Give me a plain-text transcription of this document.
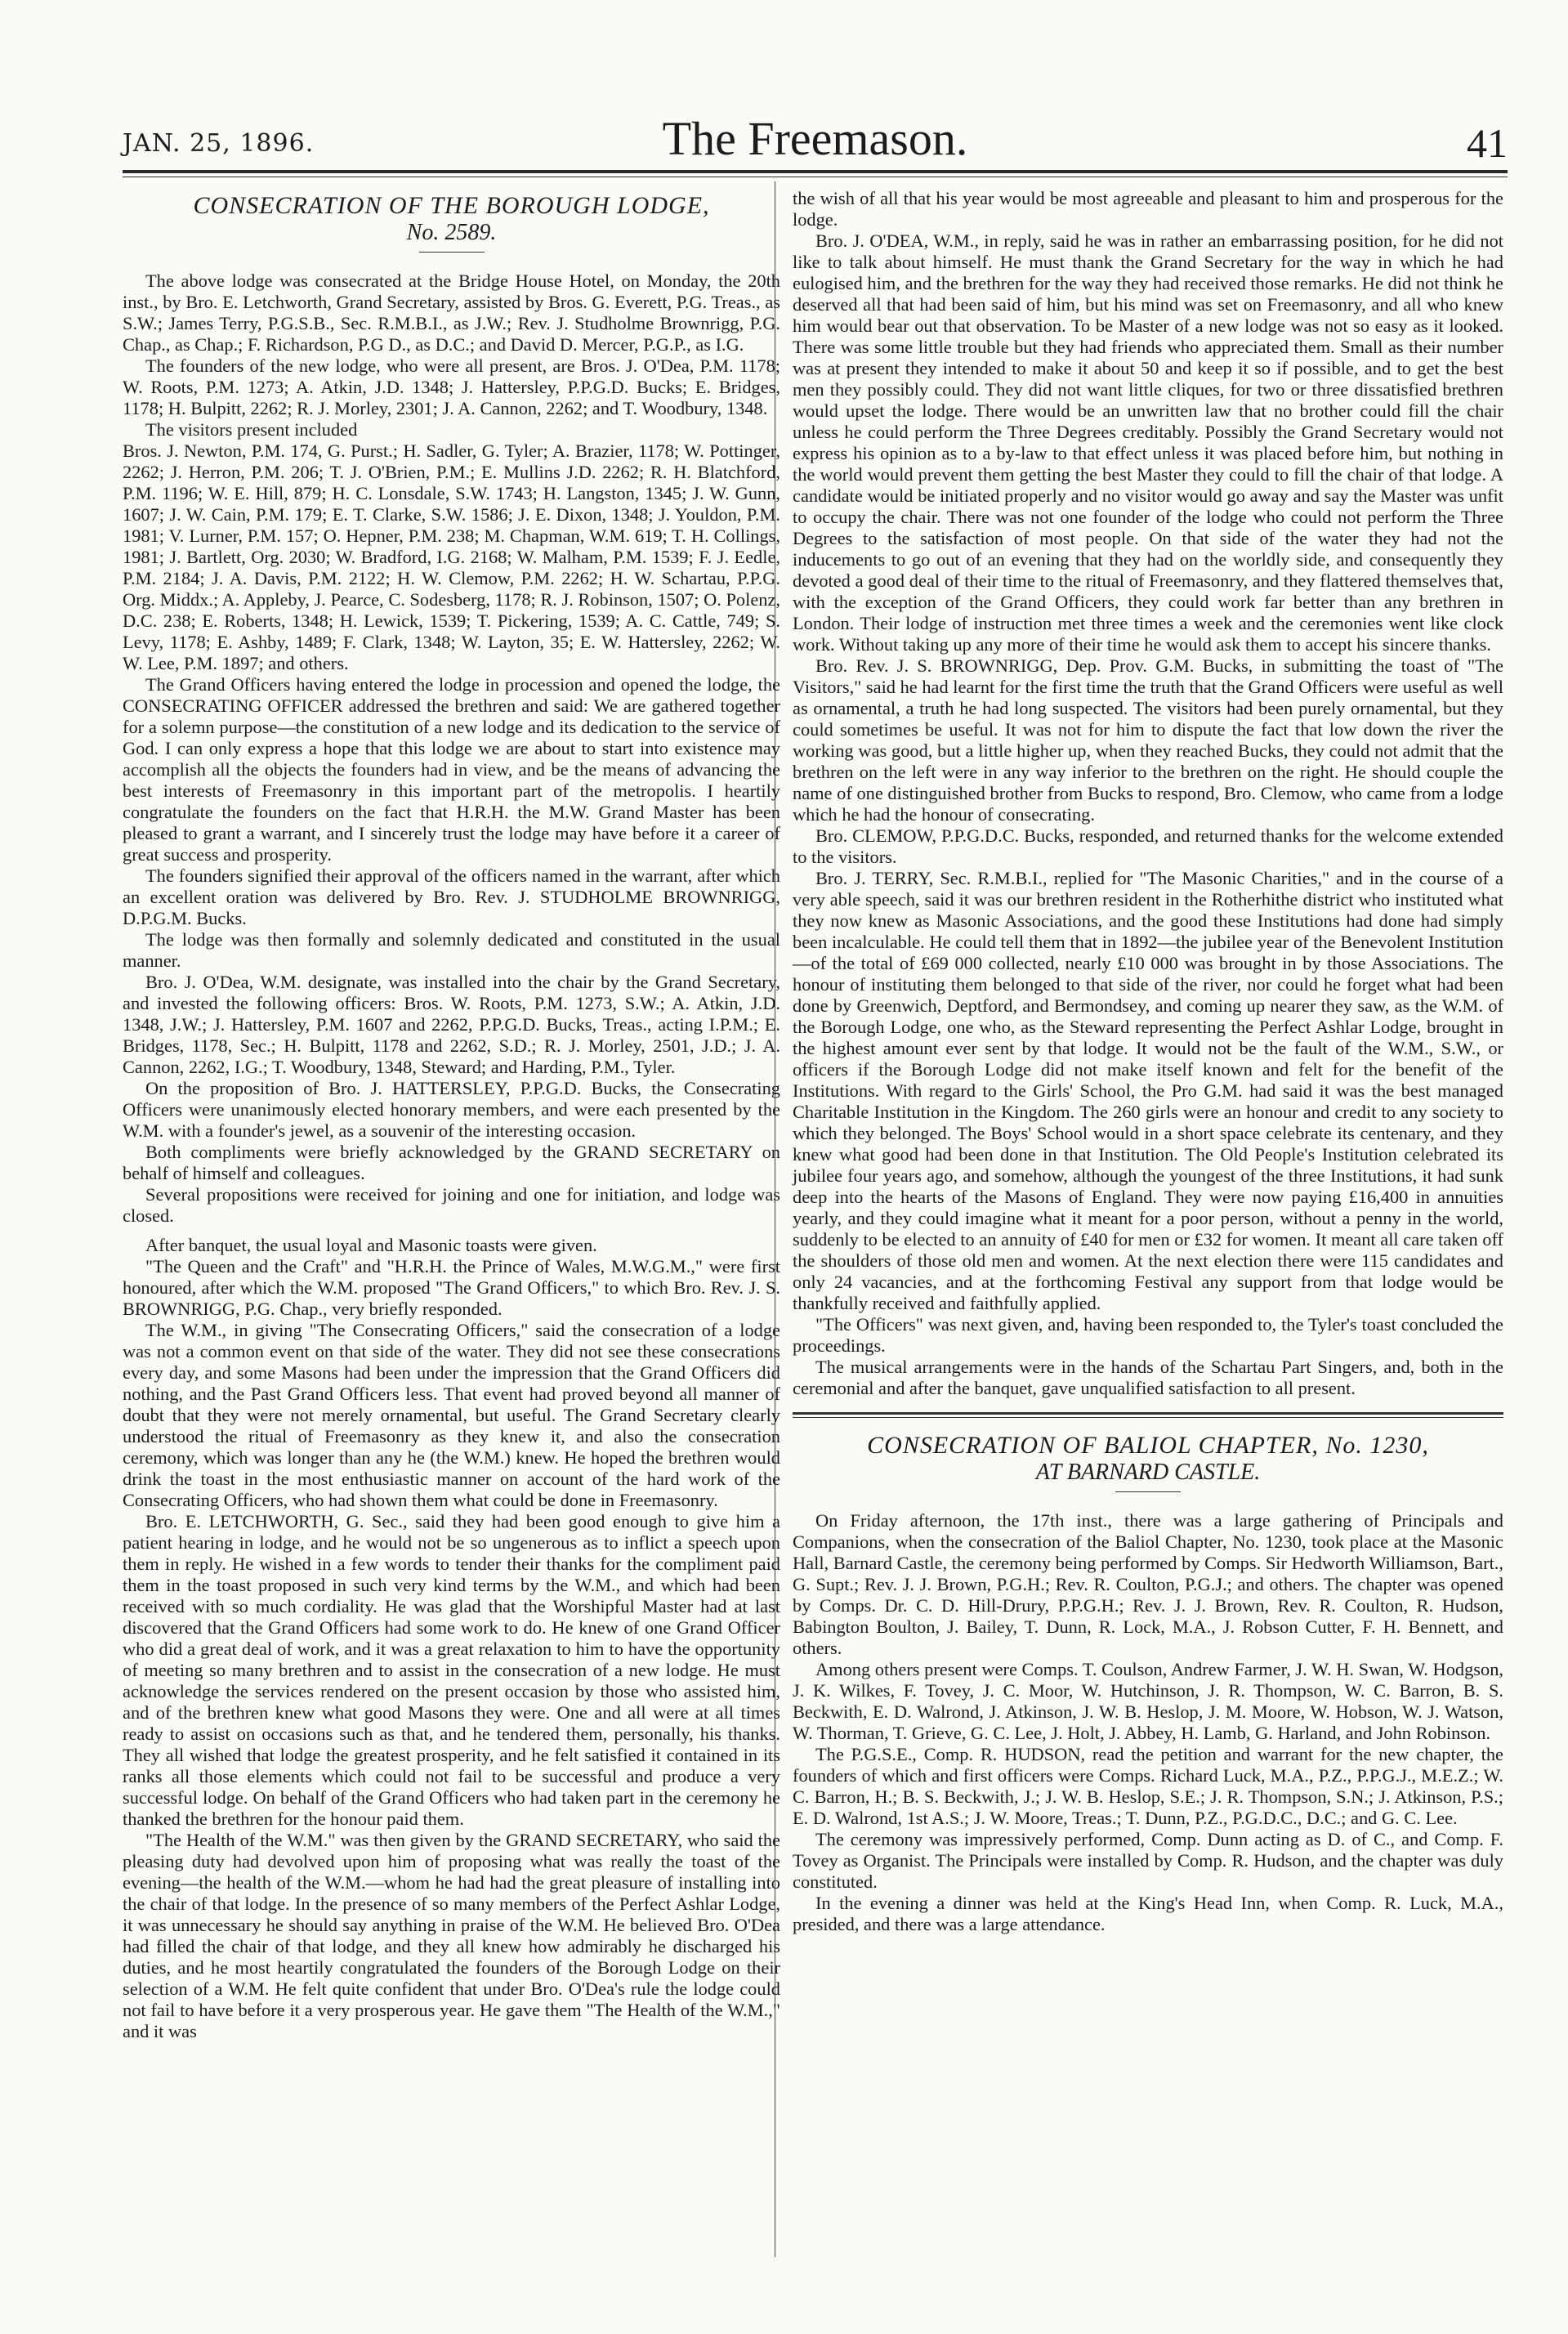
JAN. 25, 1896.	The Freemason.	41
CONSECRATION OF THE BOROUGH LODGE,
No. 2589.

The above lodge was consecrated at the Bridge House Hotel, on Monday, the 20th inst., by Bro. E. Letchworth, Grand Secretary, assisted by Bros. G. Everett, P.G. Treas., as S.W.; James Terry, P.G.S.B., Sec. R.M.B.I., as J.W.; Rev. J. Studholme Brownrigg, P.G. Chap., as Chap.; F. Richardson, P.G D., as D.C.; and David D. Mercer, P.G.P., as I.G.

The founders of the new lodge, who were all present, are Bros. J. O'Dea, P.M. 1178; W. Roots, P.M. 1273; A. Atkin, J.D. 1348; J. Hattersley, P.P.G.D. Bucks; E. Bridges, 1178; H. Bulpitt, 2262; R. J. Morley, 2301; J. A. Cannon, 2262; and T. Woodbury, 1348.

The visitors present included

Bros. J. Newton, P.M. 174, G. Purst.; H. Sadler, G. Tyler; A. Brazier, 1178; W. Pottinger, 2262; J. Herron, P.M. 206; T. J. O'Brien, P.M.; E. Mullins J.D. 2262; R. H. Blatchford, P.M. 1196; W. E. Hill, 879; H. C. Lonsdale, S.W. 1743; H. Langston, 1345; J. W. Gunn, 1607; J. W. Cain, P.M. 179; E. T. Clarke, S.W. 1586; J. E. Dixon, 1348; J. Youldon, P.M. 1981; V. Lurner, P.M. 157; O. Hepner, P.M. 238; M. Chapman, W.M. 619; T. H. Collings, 1981; J. Bartlett, Org. 2030; W. Bradford, I.G. 2168; W. Malham, P.M. 1539; F. J. Eedle, P.M. 2184; J. A. Davis, P.M. 2122; H. W. Clemow, P.M. 2262; H. W. Schartau, P.P.G. Org. Middx.; A. Appleby, J. Pearce, C. Sodesberg, 1178; R. J. Robinson, 1507; O. Polenz, D.C. 238; E. Roberts, 1348; H. Lewick, 1539; T. Pickering, 1539; A. C. Cattle, 749; S. Levy, 1178; E. Ashby, 1489; F. Clark, 1348; W. Layton, 35; E. W. Hattersley, 2262; W. W. Lee, P.M. 1897; and others.

The Grand Officers having entered the lodge in procession and opened the lodge, the CONSECRATING OFFICER addressed the brethren and said: We are gathered together for a solemn purpose—the constitution of a new lodge and its dedication to the service of God. I can only express a hope that this lodge we are about to start into existence may accomplish all the objects the founders had in view, and be the means of advancing the best interests of Freemasonry in this important part of the metropolis. I heartily congratulate the founders on the fact that H.R.H. the M.W. Grand Master has been pleased to grant a warrant, and I sincerely trust the lodge may have before it a career of great success and prosperity.

The founders signified their approval of the officers named in the warrant, after which an excellent oration was delivered by Bro. Rev. J. STUDHOLME BROWNRIGG, D.P.G.M. Bucks.

The lodge was then formally and solemnly dedicated and constituted in the usual manner.

Bro. J. O'Dea, W.M. designate, was installed into the chair by the Grand Secretary, and invested the following officers: Bros. W. Roots, P.M. 1273, S.W.; A. Atkin, J.D. 1348, J.W.; J. Hattersley, P.M. 1607 and 2262, P.P.G.D. Bucks, Treas., acting I.P.M.; E. Bridges, 1178, Sec.; H. Bulpitt, 1178 and 2262, S.D.; R. J. Morley, 2501, J.D.; J. A. Cannon, 2262, I.G.; T. Woodbury, 1348, Steward; and Harding, P.M., Tyler.

On the proposition of Bro. J. HATTERSLEY, P.P.G.D. Bucks, the Consecrating Officers were unanimously elected honorary members, and were each presented by the W.M. with a founder's jewel, as a souvenir of the interesting occasion.

Both compliments were briefly acknowledged by the GRAND SECRETARY on behalf of himself and colleagues.

Several propositions were received for joining and one for initiation, and lodge was closed.

After banquet, the usual loyal and Masonic toasts were given.

"The Queen and the Craft" and "H.R.H. the Prince of Wales, M.W.G.M.," were first honoured, after which the W.M. proposed "The Grand Officers," to which Bro. Rev. J. S. BROWNRIGG, P.G. Chap., very briefly responded.

The W.M., in giving "The Consecrating Officers," said the consecration of a lodge was not a common event on that side of the water. They did not see these consecrations every day, and some Masons had been under the impression that the Grand Officers did nothing, and the Past Grand Officers less. That event had proved beyond all manner of doubt that they were not merely ornamental, but useful. The Grand Secretary clearly understood the ritual of Freemasonry as they knew it, and also the consecration ceremony, which was longer than any he (the W.M.) knew. He hoped the brethren would drink the toast in the most enthusiastic manner on account of the hard work of the Consecrating Officers, who had shown them what could be done in Freemasonry.

Bro. E. LETCHWORTH, G. Sec., said they had been good enough to give him a patient hearing in lodge, and he would not be so ungenerous as to inflict a speech upon them in reply. He wished in a few words to tender their thanks for the compliment paid them in the toast proposed in such very kind terms by the W.M., and which had been received with so much cordiality. He was glad that the Worshipful Master had at last discovered that the Grand Officers had some work to do. He knew of one Grand Officer who did a great deal of work, and it was a great relaxation to him to have the opportunity of meeting so many brethren and to assist in the consecration of a new lodge. He must acknowledge the services rendered on the present occasion by those who assisted him, and of the brethren knew what good Masons they were. One and all were at all times ready to assist on occasions such as that, and he tendered them, personally, his thanks. They all wished that lodge the greatest prosperity, and he felt satisfied it contained in its ranks all those elements which could not fail to be successful and produce a very successful lodge. On behalf of the Grand Officers who had taken part in the ceremony he thanked the brethren for the honour paid them.

"The Health of the W.M." was then given by the GRAND SECRETARY, who said the pleasing duty had devolved upon him of proposing what was really the toast of the evening—the health of the W.M.—whom he had had the great pleasure of installing into the chair of that lodge. In the presence of so many members of the Perfect Ashlar Lodge, it was unnecessary he should say anything in praise of the W.M. He believed Bro. O'Dea had filled the chair of that lodge, and they all knew how admirably he discharged his duties, and he most heartily congratulated the founders of the Borough Lodge on their selection of a W.M. He felt quite confident that under Bro. O'Dea's rule the lodge could not fail to have before it a very prosperous year. He gave them "The Health of the W.M.," and it was

the wish of all that his year would be most agreeable and pleasant to him and prosperous for the lodge.

Bro. J. O'DEA, W.M., in reply, said he was in rather an embarrassing position, for he did not like to talk about himself. He must thank the Grand Secretary for the way in which he had eulogised him, and the brethren for the way they had received those remarks. He did not think he deserved all that had been said of him, but his mind was set on Freemasonry, and all who knew him would bear out that observation. To be Master of a new lodge was not so easy as it looked. There was some little trouble but they had friends who appreciated them. Small as their number was at present they intended to make it about 50 and keep it so if possible, and to get the best men they possibly could. They did not want little cliques, for two or three dissatisfied brethren would upset the lodge. There would be an unwritten law that no brother could fill the chair unless he could perform the Three Degrees creditably. Possibly the Grand Secretary would not express his opinion as to a by-law to that effect unless it was placed before him, but nothing in the world would prevent them getting the best Master they could to fill the chair of that lodge. A candidate would be initiated properly and no visitor would go away and say the Master was unfit to occupy the chair. There was not one founder of the lodge who could not perform the Three Degrees to the satisfaction of most people. On that side of the water they had not the inducements to go out of an evening that they had on the worldly side, and consequently they devoted a good deal of their time to the ritual of Freemasonry, and they flattered themselves that, with the exception of the Grand Officers, they could work far better than any brethren in London. Their lodge of instruction met three times a week and the ceremonies went like clock work. Without taking up any more of their time he would ask them to accept his sincere thanks.

Bro. Rev. J. S. BROWNRIGG, Dep. Prov. G.M. Bucks, in submitting the toast of "The Visitors," said he had learnt for the first time the truth that the Grand Officers were useful as well as ornamental, a truth he had long suspected. The visitors had been purely ornamental, but they could sometimes be useful. It was not for him to dispute the fact that low down the river the working was good, but a little higher up, when they reached Bucks, they could not admit that the brethren on the left were in any way inferior to the brethren on the right. He should couple the name of one distinguished brother from Bucks to respond, Bro. Clemow, who came from a lodge which he had the honour of consecrating.

Bro. CLEMOW, P.P.G.D.C. Bucks, responded, and returned thanks for the welcome extended to the visitors.

Bro. J. TERRY, Sec. R.M.B.I., replied for "The Masonic Charities," and in the course of a very able speech, said it was our brethren resident in the Rotherhithe district who instituted what they now knew as Masonic Associations, and the good these Institutions had done had simply been incalculable. He could tell them that in 1892—the jubilee year of the Benevolent Institution—of the total of £69 000 collected, nearly £10 000 was brought in by those Associations. The honour of instituting them belonged to that side of the river, nor could he forget what had been done by Greenwich, Deptford, and Bermondsey, and coming up nearer they saw, as the W.M. of the Borough Lodge, one who, as the Steward representing the Perfect Ashlar Lodge, brought in the highest amount ever sent by that lodge. It would not be the fault of the W.M., S.W., or officers if the Borough Lodge did not make itself known and felt for the benefit of the Institutions. With regard to the Girls' School, the Pro G.M. had said it was the best managed Charitable Institution in the Kingdom. The 260 girls were an honour and credit to any society to which they belonged. The Boys' School would in a short space celebrate its centenary, and they knew what good had been done in that Institution. The Old People's Institution celebrated its jubilee four years ago, and somehow, although the youngest of the three Institutions, it had sunk deep into the hearts of the Masons of England. They were now paying £16,400 in annuities yearly, and they could imagine what it meant for a poor person, without a penny in the world, suddenly to be elected to an annuity of £40 for men or £32 for women. It meant all care taken off the shoulders of those old men and women. At the next election there were 115 candidates and only 24 vacancies, and at the forthcoming Festival any support from that lodge would be thankfully received and faithfully applied.

"The Officers" was next given, and, having been responded to, the Tyler's toast concluded the proceedings.

The musical arrangements were in the hands of the Schartau Part Singers, and, both in the ceremonial and after the banquet, gave unqualified satisfaction to all present.

CONSECRATION OF BALIOL CHAPTER, No. 1230,
AT BARNARD CASTLE.

On Friday afternoon, the 17th inst., there was a large gathering of Principals and Companions, when the consecration of the Baliol Chapter, No. 1230, took place at the Masonic Hall, Barnard Castle, the ceremony being performed by Comps. Sir Hedworth Williamson, Bart., G. Supt.; Rev. J. J. Brown, P.G.H.; Rev. R. Coulton, P.G.J.; and others. The chapter was opened by Comps. Dr. C. D. Hill-Drury, P.P.G.H.; Rev. J. J. Brown, Rev. R. Coulton, R. Hudson, Babington Boulton, J. Bailey, T. Dunn, R. Lock, M.A., J. Robson Cutter, F. H. Bennett, and others.

Among others present were Comps. T. Coulson, Andrew Farmer, J. W. H. Swan, W. Hodgson, J. K. Wilkes, F. Tovey, J. C. Moor, W. Hutchinson, J. R. Thompson, W. C. Barron, B. S. Beckwith, E. D. Walrond, J. Atkinson, J. W. B. Heslop, J. M. Moore, W. Hobson, W. J. Watson, W. Thorman, T. Grieve, G. C. Lee, J. Holt, J. Abbey, H. Lamb, G. Harland, and John Robinson.

The P.G.S.E., Comp. R. HUDSON, read the petition and warrant for the new chapter, the founders of which and first officers were Comps. Richard Luck, M.A., P.Z., P.P.G.J., M.E.Z.; W. C. Barron, H.; B. S. Beckwith, J.; J. W. B. Heslop, S.E.; J. R. Thompson, S.N.; J. Atkinson, P.S.; E. D. Walrond, 1st A.S.; J. W. Moore, Treas.; T. Dunn, P.Z., P.G.D.C., D.C.; and G. C. Lee.

The ceremony was impressively performed, Comp. Dunn acting as D. of C., and Comp. F. Tovey as Organist. The Principals were installed by Comp. R. Hudson, and the chapter was duly constituted.

In the evening a dinner was held at the King's Head Inn, when Comp. R. Luck, M.A., presided, and there was a large attendance.
